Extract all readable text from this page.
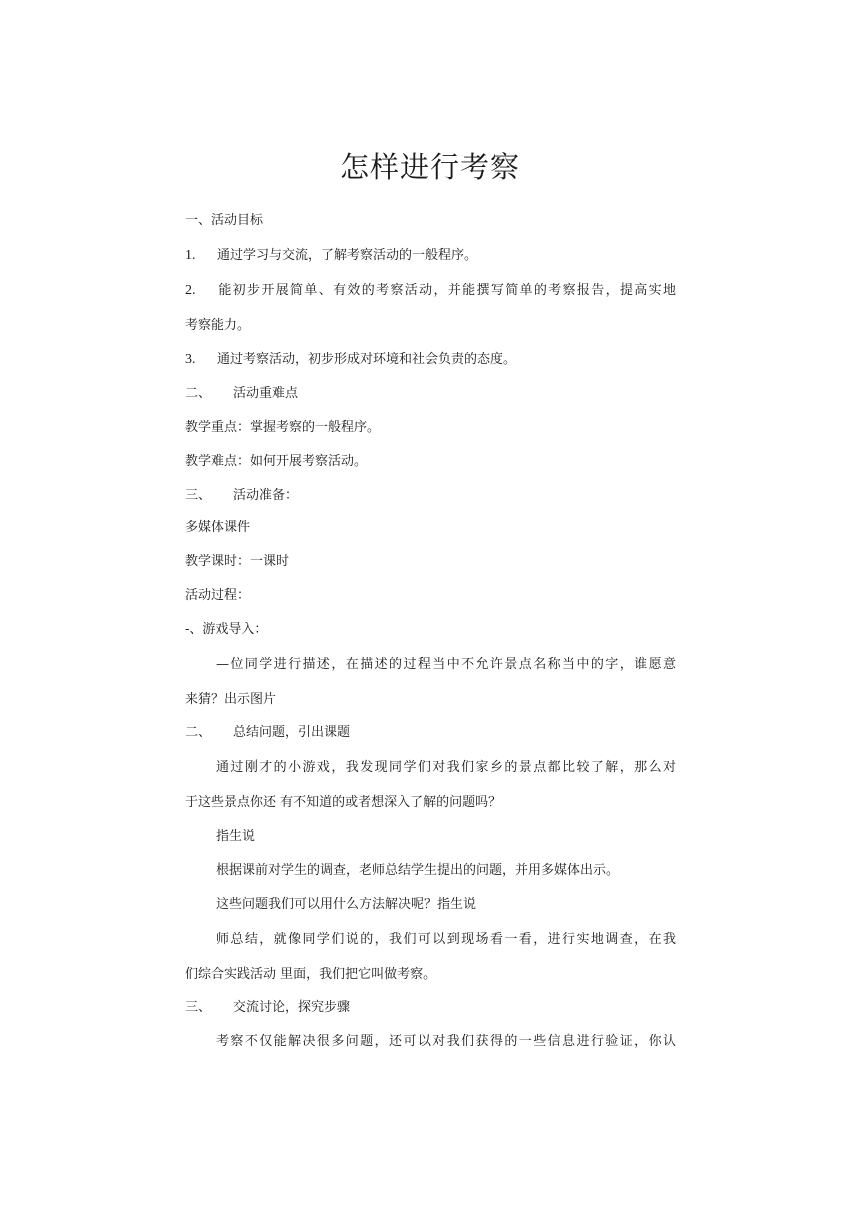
怎样进行考察
一、活动目标
1. 通过学习与交流，了解考察活动的一般程序。
2. 能初步开展简单、有效的考察活动，并能撰写简单的考察报告，提高实地
考察能力。
3. 通过考察活动，初步形成对环境和社会负责的态度。
二、 活动重难点
教学重点：掌握考察的一般程序。
教学难点：如何开展考察活动。
三、 活动准备：
多媒体课件
教学课时：一课时
活动过程：
-、游戏导入：
—位同学进行描述，在描述的过程当中不允许景点名称当中的字，谁愿意
来猜？出示图片
二、 总结问题，引出课题
通过刚才的小游戏，我发现同学们对我们家乡的景点都比较了解，那么对
于这些景点你还 有不知道的或者想深入了解的问题吗？
指生说
根据课前对学生的调查，老师总结学生提出的问题，并用多媒体出示。
这些问题我们可以用什么方法解决呢？指生说
师总结，就像同学们说的，我们可以到现场看一看，进行实地调查，在我
们综合实践活动 里面，我们把它叫做考察。
三、 交流讨论，探究步骤
考察不仅能解决很多问题，还可以对我们获得的一些信息进行验证，你认
